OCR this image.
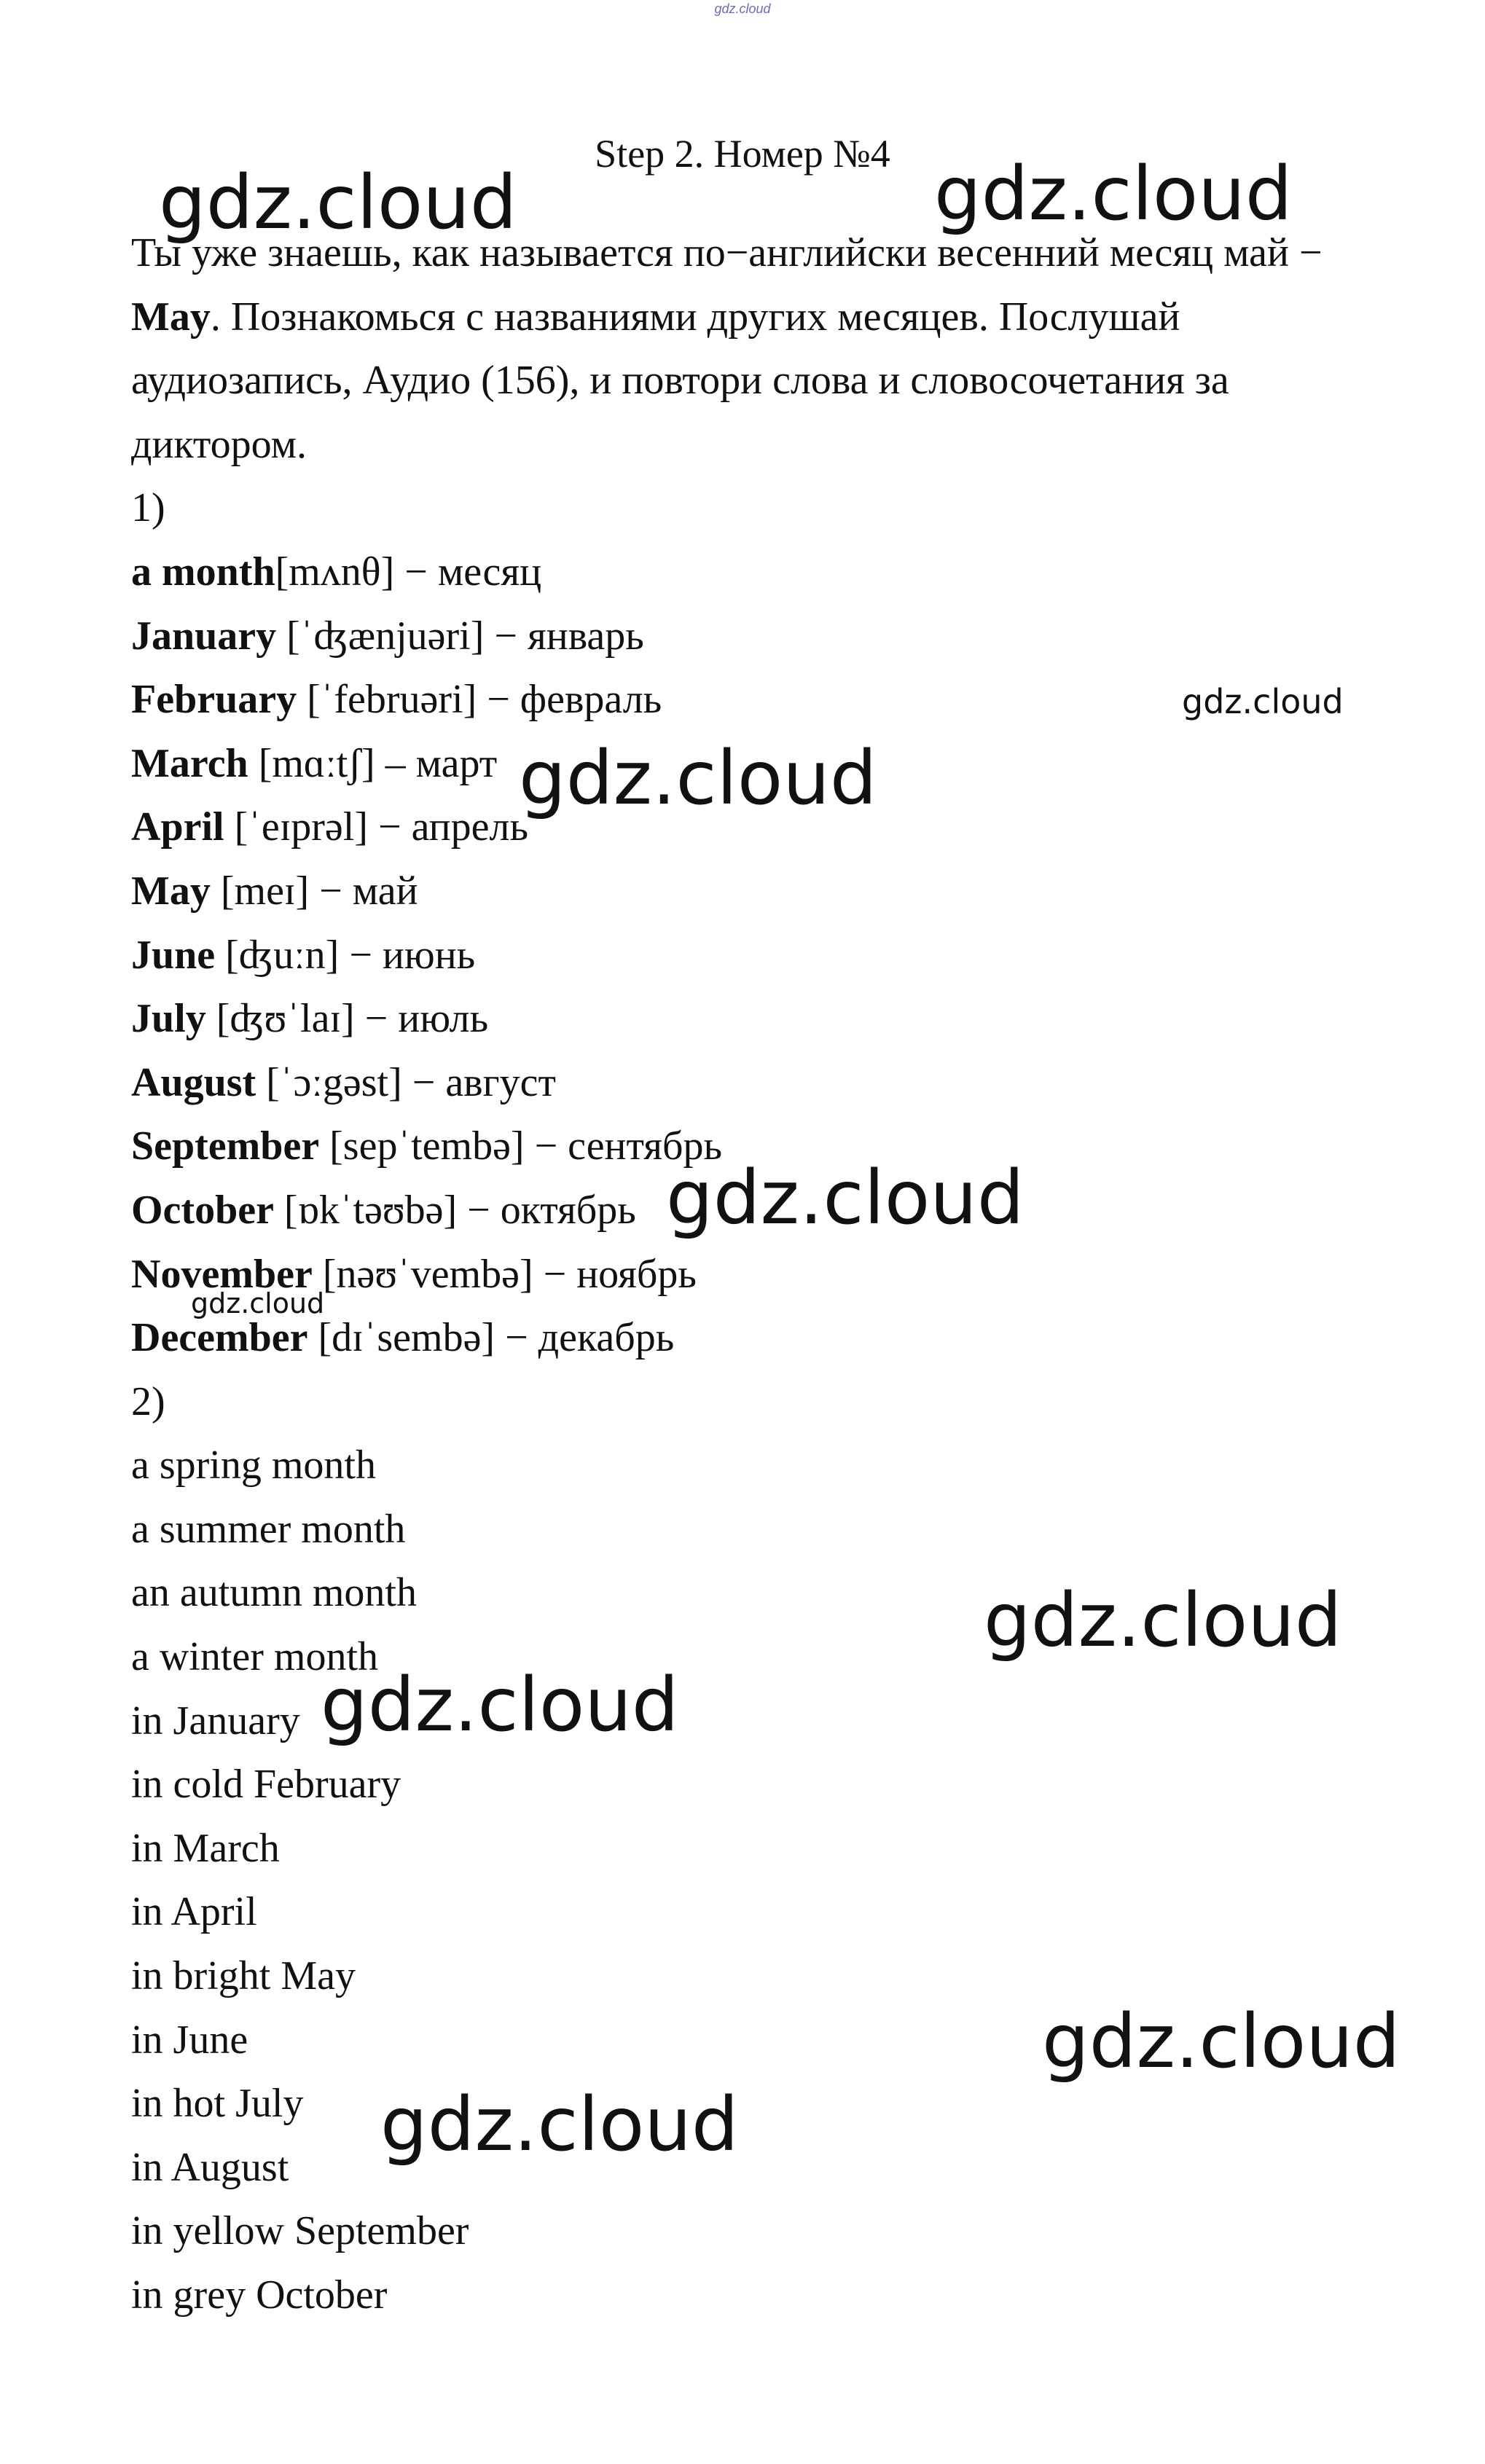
gdz.cloud
Step 2. Номер №4

Ты уже знаешь, как называется по−английски весенний месяц май − May. Познакомься с названиями других месяцев. Послушай аудиозапись, Аудио (156), и повтори слова и словосочетания за диктором.

1)
a month[mʌnθ] − месяц
January [ˈʤænjuəri] − январь
February [ˈfebruəri] − февраль
March [mɑːtʃ] – март
April [ˈeɪprəl] − апрель
May [meɪ] − май
June [ʤuːn] − июнь
July [ʤʊˈlaɪ] − июль
August [ˈɔːgəst] − август
September [sepˈtembə] − сентябрь
October [ɒkˈtəʊbə] − октябрь
November [nəʊˈvembə] − ноябрь
December [dɪˈsembə] − декабрь
2)
a spring month
a summer month
an autumn month
a winter month
in January
in cold February
in March
in April
in bright May
in June
in hot July
in August
in yellow September
in grey October
gdz.cloud	gdz.cloud
gdz.cloud
gdz.cloud
gdz.cloud
gdz.cloud
gdz.cloud
gdz.cloud
gdz.cloud
gdz.cloud
